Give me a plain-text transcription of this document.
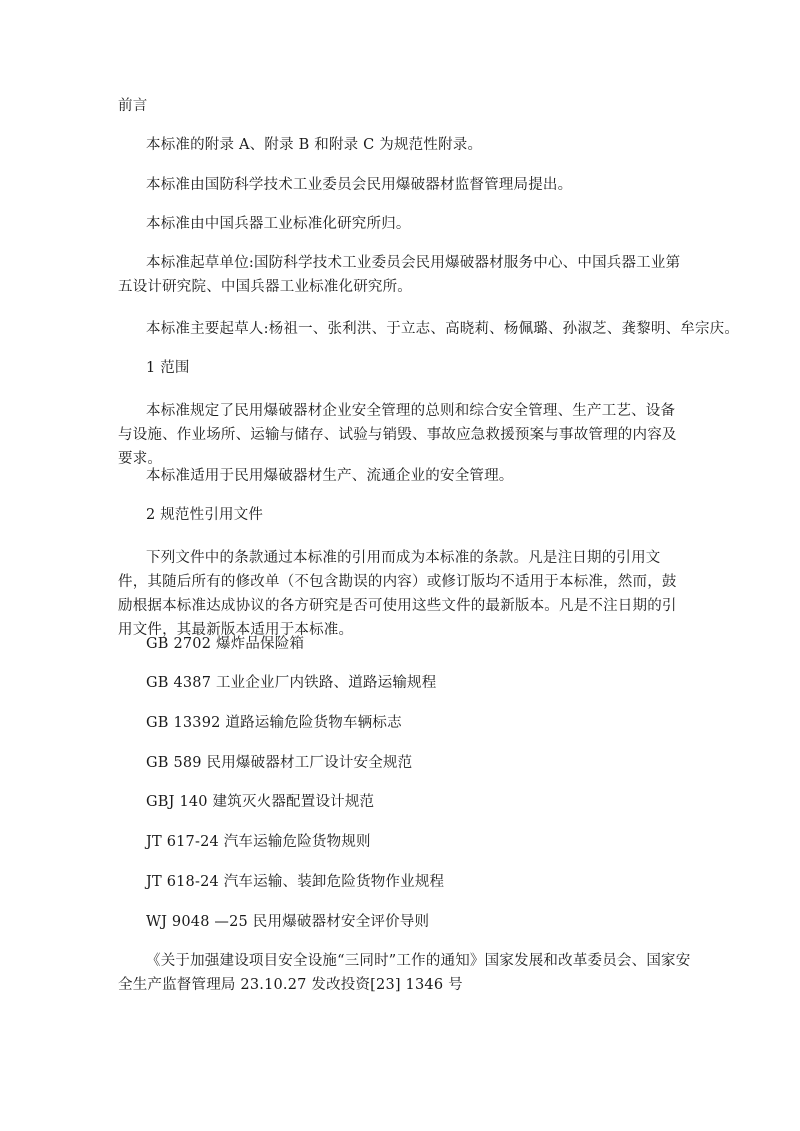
前言
本标准的附录 A、附录 B 和附录 C 为规范性附录。
本标准由国防科学技术工业委员会民用爆破器材监督管理局提出。
本标准由中国兵器工业标准化研究所归。
本标准起草单位:国防科学技术工业委员会民用爆破器材服务中心、中国兵器工业第五设计研究院、中国兵器工业标准化研究所。
本标准主要起草人:杨祖一、张利洪、于立志、高晓莉、杨佩璐、孙淑芝、龚黎明、牟宗庆。
1 范围
本标准规定了民用爆破器材企业安全管理的总则和综合安全管理、生产工艺、设备与设施、作业场所、运输与储存、试验与销毁、事故应急救援预案与事故管理的内容及要求。
本标准适用于民用爆破器材生产、流通企业的安全管理。
2 规范性引用文件
下列文件中的条款通过本标准的引用而成为本标准的条款。凡是注日期的引用文件，其随后所有的修改单（不包含勘误的内容）或修订版均不适用于本标准，然而，鼓励根据本标准达成协议的各方研究是否可使用这些文件的最新版本。凡是不注日期的引用文件，其最新版本适用于本标准。
GB 2702 爆炸品保险箱
GB 4387 工业企业厂内铁路、道路运输规程
GB 13392 道路运输危险货物车辆标志
GB 589 民用爆破器材工厂设计安全规范
GBJ 140 建筑灭火器配置设计规范
JT 617-24 汽车运输危险货物规则
JT 618-24 汽车运输、装卸危险货物作业规程
WJ 9048 —25 民用爆破器材安全评价导则
《关于加强建设项目安全设施“三同时”工作的通知》国家发展和改革委员会、国家安全生产监督管理局 23.10.27 发改投资[23] 1346 号
